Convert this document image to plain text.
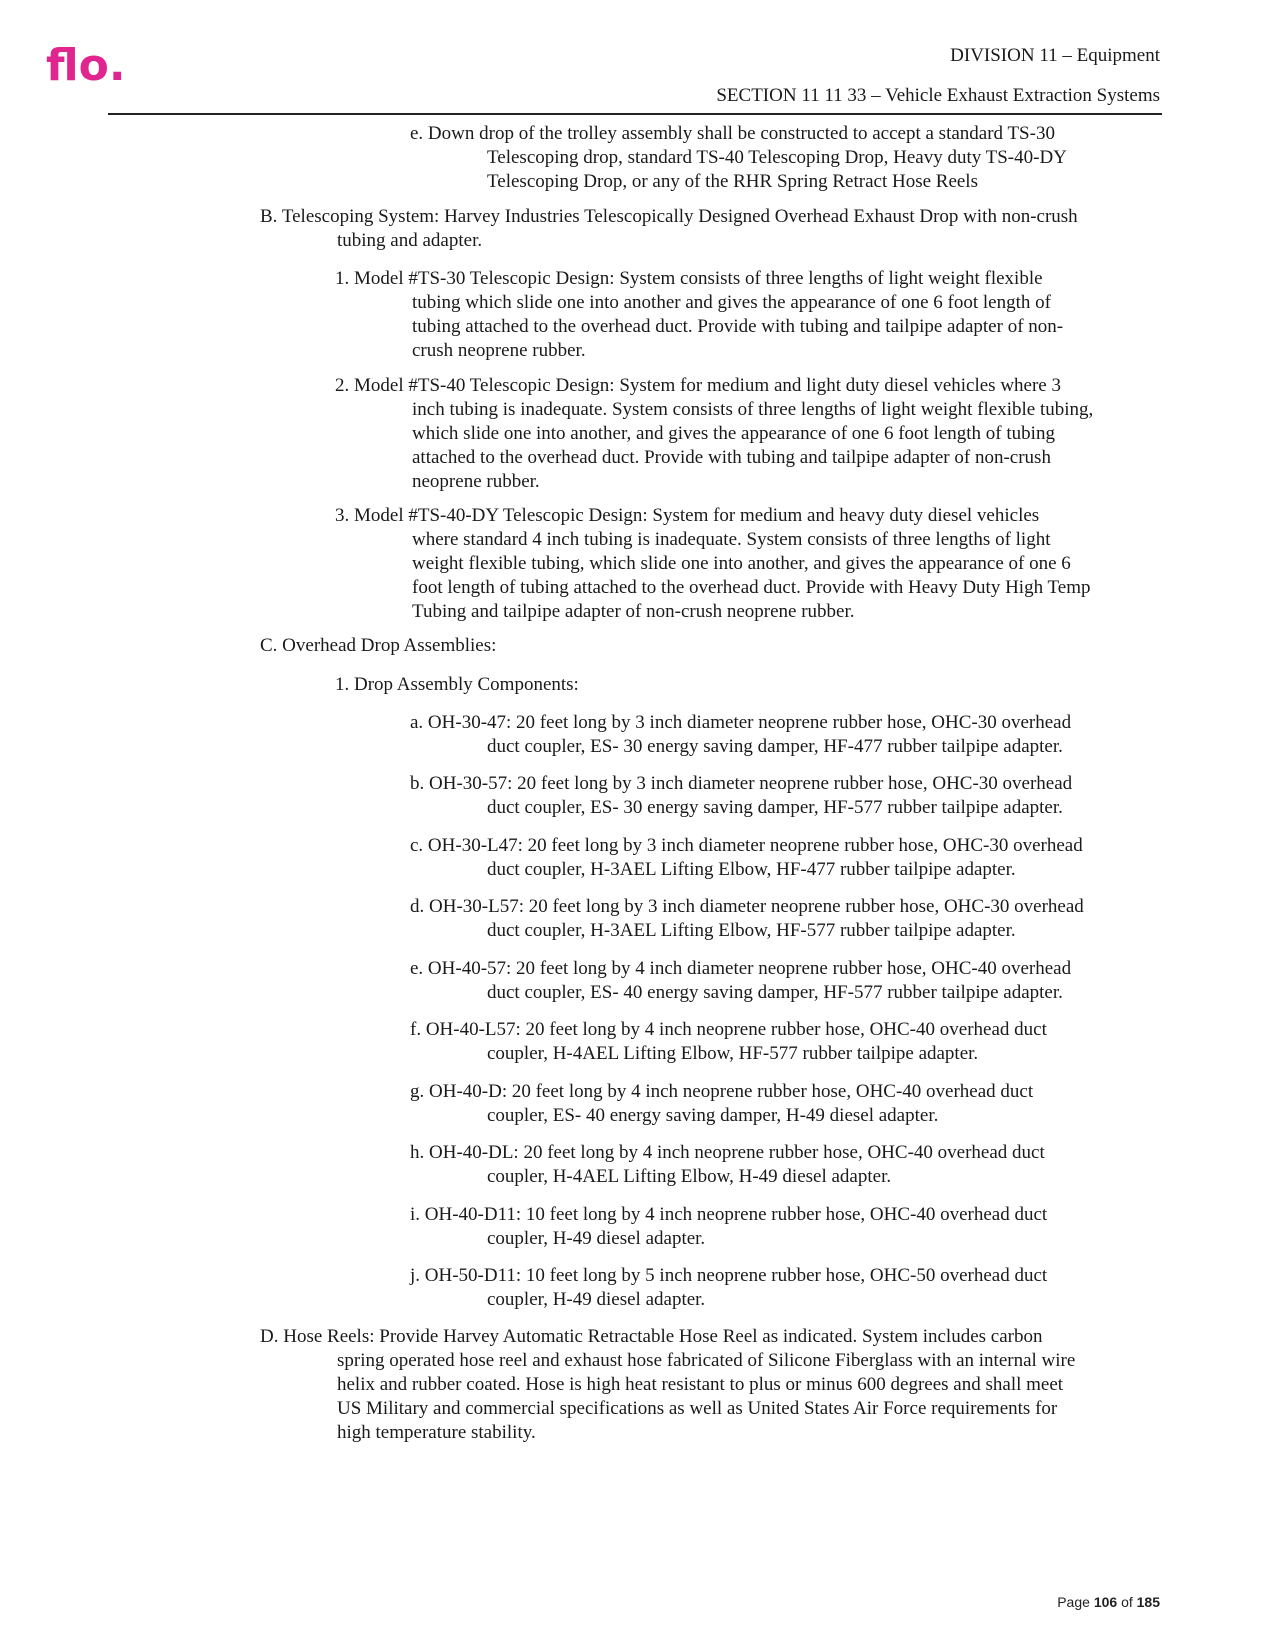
flo.	DIVISION 11 – Equipment
SECTION 11 11 33 – Vehicle Exhaust Extraction Systems
e. Down drop of the trolley assembly shall be constructed to accept a standard TS-30
Telescoping drop, standard TS-40 Telescoping Drop, Heavy duty TS-40-DY
Telescoping Drop, or any of the RHR Spring Retract Hose Reels
B. Telescoping System: Harvey Industries Telescopically Designed Overhead Exhaust Drop with non-crush
tubing and adapter.
1. Model #TS-30 Telescopic Design: System consists of three lengths of light weight flexible
tubing which slide one into another and gives the appearance of one 6 foot length of
tubing attached to the overhead duct. Provide with tubing and tailpipe adapter of non-
crush neoprene rubber.
2. Model #TS-40 Telescopic Design: System for medium and light duty diesel vehicles where 3
inch tubing is inadequate. System consists of three lengths of light weight flexible tubing,
which slide one into another, and gives the appearance of one 6 foot length of tubing
attached to the overhead duct. Provide with tubing and tailpipe adapter of non-crush
neoprene rubber.
3. Model #TS-40-DY Telescopic Design: System for medium and heavy duty diesel vehicles
where standard 4 inch tubing is inadequate. System consists of three lengths of light
weight flexible tubing, which slide one into another, and gives the appearance of one 6
foot length of tubing attached to the overhead duct. Provide with Heavy Duty High Temp
Tubing and tailpipe adapter of non-crush neoprene rubber.
C. Overhead Drop Assemblies:
1. Drop Assembly Components:
a. OH-30-47: 20 feet long by 3 inch diameter neoprene rubber hose, OHC-30 overhead
duct coupler, ES- 30 energy saving damper, HF-477 rubber tailpipe adapter.
b. OH-30-57: 20 feet long by 3 inch diameter neoprene rubber hose, OHC-30 overhead
duct coupler, ES- 30 energy saving damper, HF-577 rubber tailpipe adapter.
c. OH-30-L47: 20 feet long by 3 inch diameter neoprene rubber hose, OHC-30 overhead
duct coupler, H-3AEL Lifting Elbow, HF-477 rubber tailpipe adapter.
d. OH-30-L57: 20 feet long by 3 inch diameter neoprene rubber hose, OHC-30 overhead
duct coupler, H-3AEL Lifting Elbow, HF-577 rubber tailpipe adapter.
e. OH-40-57: 20 feet long by 4 inch diameter neoprene rubber hose, OHC-40 overhead
duct coupler, ES- 40 energy saving damper, HF-577 rubber tailpipe adapter.
f. OH-40-L57: 20 feet long by 4 inch neoprene rubber hose, OHC-40 overhead duct
coupler, H-4AEL Lifting Elbow, HF-577 rubber tailpipe adapter.
g. OH-40-D: 20 feet long by 4 inch neoprene rubber hose, OHC-40 overhead duct
coupler, ES- 40 energy saving damper, H-49 diesel adapter.
h. OH-40-DL: 20 feet long by 4 inch neoprene rubber hose, OHC-40 overhead duct
coupler, H-4AEL Lifting Elbow, H-49 diesel adapter.
i. OH-40-D11: 10 feet long by 4 inch neoprene rubber hose, OHC-40 overhead duct
coupler, H-49 diesel adapter.
j. OH-50-D11: 10 feet long by 5 inch neoprene rubber hose, OHC-50 overhead duct
coupler, H-49 diesel adapter.
D. Hose Reels: Provide Harvey Automatic Retractable Hose Reel as indicated. System includes carbon
spring operated hose reel and exhaust hose fabricated of Silicone Fiberglass with an internal wire
helix and rubber coated. Hose is high heat resistant to plus or minus 600 degrees and shall meet
US Military and commercial specifications as well as United States Air Force requirements for
high temperature stability.
Page 106 of 185
